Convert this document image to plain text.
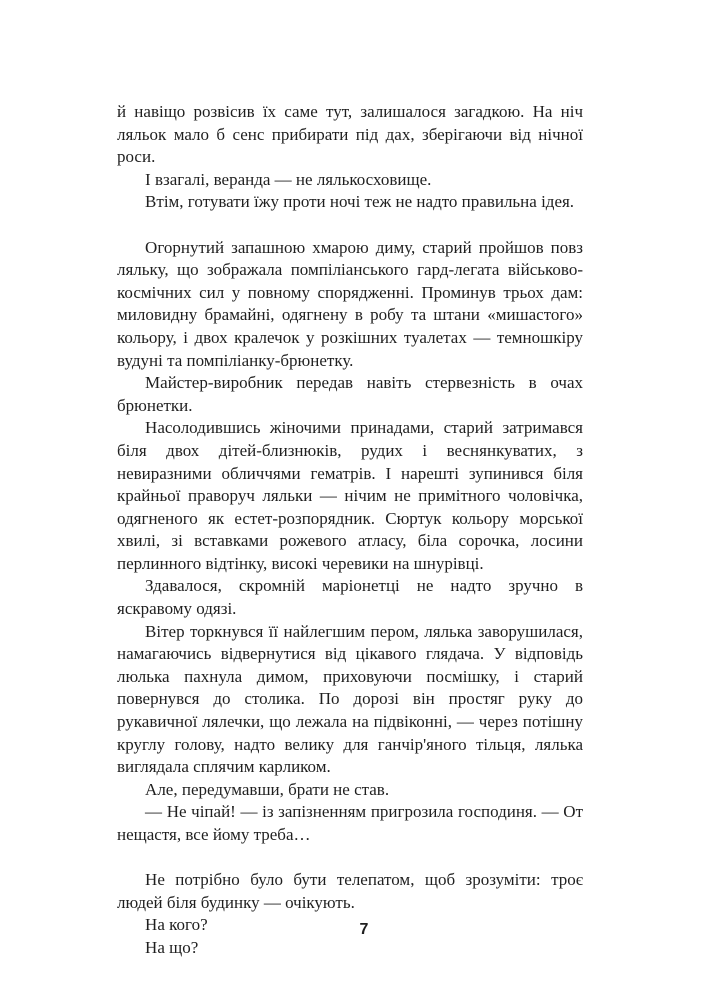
й навіщо розвісив їх саме тут, залишалося загадкою. На ніч ляльок мало б сенс прибирати під дах, зберігаючи від нічної роси.

І взагалі, веранда — не лялькосховище.

Втім, готувати їжу проти ночі теж не надто правильна ідея.

Огорнутий запашною хмарою диму, старий пройшов повз ляльку, що зображала помпіліанського гард-легата військово-космічних сил у повному спорядженні. Проминув трьох дам: миловидну брамайні, одягнену в робу та штани «мишастого» кольору, і двох кралечок у розкішних туалетах — темношкіру вудуні та помпіліанку-брюнетку.

Майстер-виробник передав навіть стервезність в очах брюнетки.

Насолодившись жіночими принадами, старий затримався біля двох дітей-близнюків, рудих і веснянкуватих, з невиразними обличчями гематрів. І нарешті зупинився біля крайньої праворуч ляльки — нічим не примітного чоловічка, одягненого як естет-розпорядник. Сюртук кольору морської хвилі, зі вставками рожевого атласу, біла сорочка, лосини перлинного відтінку, високі черевики на шнурівці.

Здавалося, скромній маріонетці не надто зручно в яскравому одязі.

Вітер торкнувся її найлегшим пером, лялька заворушилася, намагаючись відвернутися від цікавого глядача. У відповідь люлька пахнула димом, приховуючи посмішку, і старий повернувся до столика. По дорозі він простяг руку до рукавичної лялечки, що лежала на підвіконні, — через потішну круглу голову, надто велику для ганчір'яного тільця, лялька виглядала сплячим карликом.

Але, передумавши, брати не став.

— Не чіпай! — із запізненням пригрозила господиня. — От нещастя, все йому треба…

Не потрібно було бути телепатом, щоб зрозуміти: троє людей біля будинку — очікують.

На кого?

На що?

7
